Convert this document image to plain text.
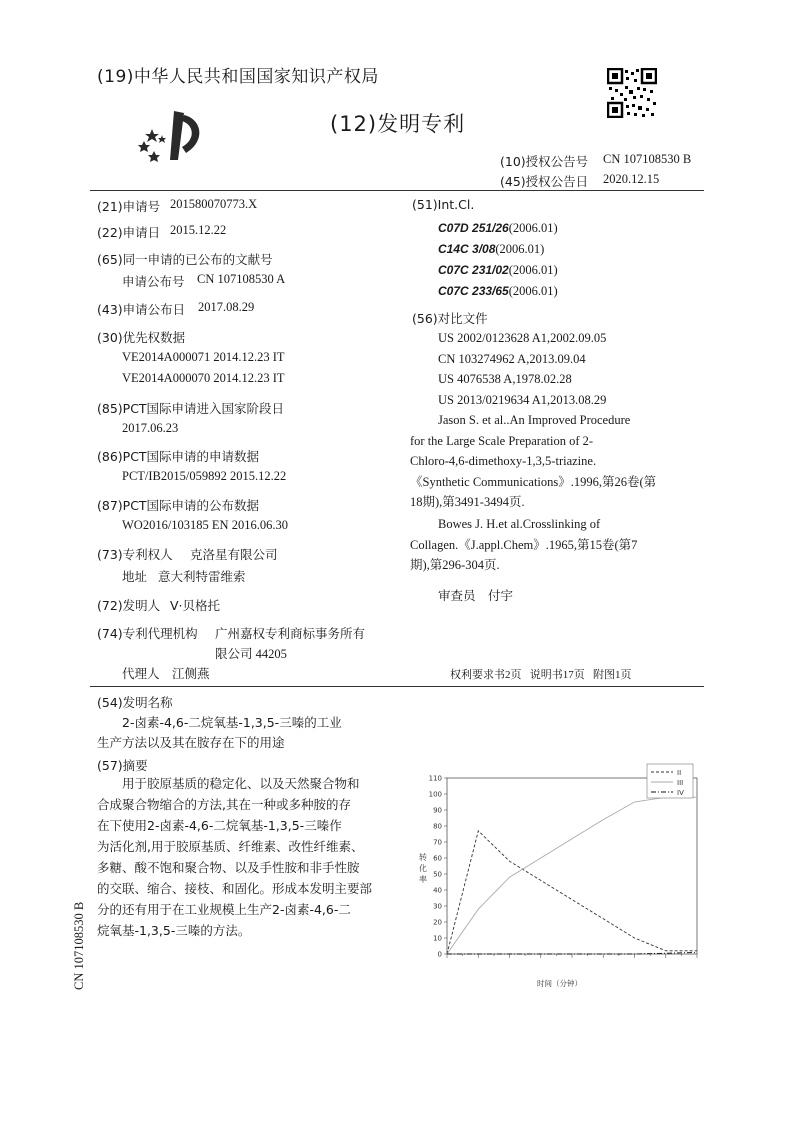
(19)中华人民共和国国家知识产权局
(12)发明专利
(10)授权公告号 CN 107108530 B
(45)授权公告日 2020.12.15
(21)申请号 201580070773.X
(22)申请日 2015.12.22
(65)同一申请的已公布的文献号
申请公布号 CN 107108530 A
(43)申请公布日 2017.08.29
(30)优先权数据
VE2014A000071 2014.12.23 IT
VE2014A000070 2014.12.23 IT
(85)PCT国际申请进入国家阶段日
2017.06.23
(86)PCT国际申请的申请数据
PCT/IB2015/059892 2015.12.22
(87)PCT国际申请的公布数据
WO2016/103185 EN 2016.06.30
(73)专利权人 克洛星有限公司
地址 意大利特雷维索
(72)发明人 V·贝格托
(74)专利代理机构 广州嘉权专利商标事务所有
限公司 44205
代理人 江侧燕
(51)Int.Cl.
C07D 251/26(2006.01)
C14C 3/08(2006.01)
C07C 231/02(2006.01)
C07C 233/65(2006.01)
(56)对比文件
US 2002/0123628 A1,2002.09.05
CN 103274962 A,2013.09.04
US 4076538 A,1978.02.28
US 2013/0219634 A1,2013.08.29
Jason S. et al..An Improved Procedure
for the Large Scale Preparation of 2-
Chloro-4,6-dimethoxy-1,3,5-triazine.
《Synthetic Communications》.1996,第26卷(第
18期),第3491-3494页.
Bowes J. H.et al.Crosslinking of
Collagen.《J.appl.Chem》.1965,第15卷(第7
期),第296-304页.
审查员 付宇
权利要求书2页   说明书17页   附图1页
(54)发明名称
2-卤素-4,6-二烷氧基-1,3,5-三嗪的工业
生产方法以及其在胺存在下的用途
(57)摘要
用于胶原基质的稳定化、以及天然聚合物和
合成聚合物缩合的方法,其在一种或多种胺的存
在下使用2-卤素-4,6-二烷氧基-1,3,5-三嗪作
为活化剂,用于胶原基质、纤维素、改性纤维素、
多糖、酸不饱和聚合物、以及手性胺和非手性胺
的交联、缩合、接枝、和固化。形成本发明主要部
分的还有用于在工业规模上生产2-卤素-4,6-二
烷氧基-1,3,5-三嗪的方法。
CN 107108530 B	0
10
20
30
40
50
60
70
80
90
100
110
II
III
IV
转化率
时间（分钟）
